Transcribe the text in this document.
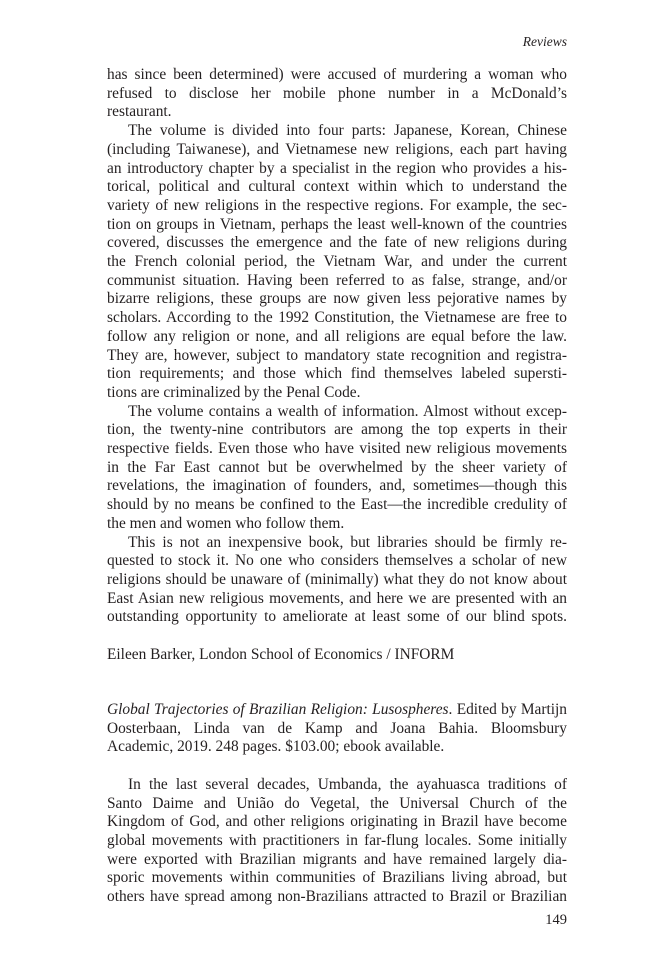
Reviews
has since been determined) were accused of murdering a woman who
refused to disclose her mobile phone number in a McDonald’s
restaurant.
The volume is divided into four parts: Japanese, Korean, Chinese
(including Taiwanese), and Vietnamese new religions, each part having
an introductory chapter by a specialist in the region who provides a his-
torical, political and cultural context within which to understand the
variety of new religions in the respective regions. For example, the sec-
tion on groups in Vietnam, perhaps the least well-known of the countries
covered, discusses the emergence and the fate of new religions during
the French colonial period, the Vietnam War, and under the current
communist situation. Having been referred to as false, strange, and/or
bizarre religions, these groups are now given less pejorative names by
scholars. According to the 1992 Constitution, the Vietnamese are free to
follow any religion or none, and all religions are equal before the law.
They are, however, subject to mandatory state recognition and registra-
tion requirements; and those which find themselves labeled supersti-
tions are criminalized by the Penal Code.
The volume contains a wealth of information. Almost without excep-
tion, the twenty-nine contributors are among the top experts in their
respective fields. Even those who have visited new religious movements
in the Far East cannot but be overwhelmed by the sheer variety of
revelations, the imagination of founders, and, sometimes—though this
should by no means be confined to the East—the incredible credulity of
the men and women who follow them.
This is not an inexpensive book, but libraries should be firmly re-
quested to stock it. No one who considers themselves a scholar of new
religions should be unaware of (minimally) what they do not know about
East Asian new religious movements, and here we are presented with an
outstanding opportunity to ameliorate at least some of our blind spots.
Eileen Barker, London School of Economics / INFORM
Global Trajectories of Brazilian Religion: Lusospheres. Edited by Martijn
Oosterbaan, Linda van de Kamp and Joana Bahia. Bloomsbury
Academic, 2019. 248 pages. $103.00; ebook available.
In the last several decades, Umbanda, the ayahuasca traditions of
Santo Daime and União do Vegetal, the Universal Church of the
Kingdom of God, and other religions originating in Brazil have become
global movements with practitioners in far-flung locales. Some initially
were exported with Brazilian migrants and have remained largely dia-
sporic movements within communities of Brazilians living abroad, but
others have spread among non-Brazilians attracted to Brazil or Brazilian
149
